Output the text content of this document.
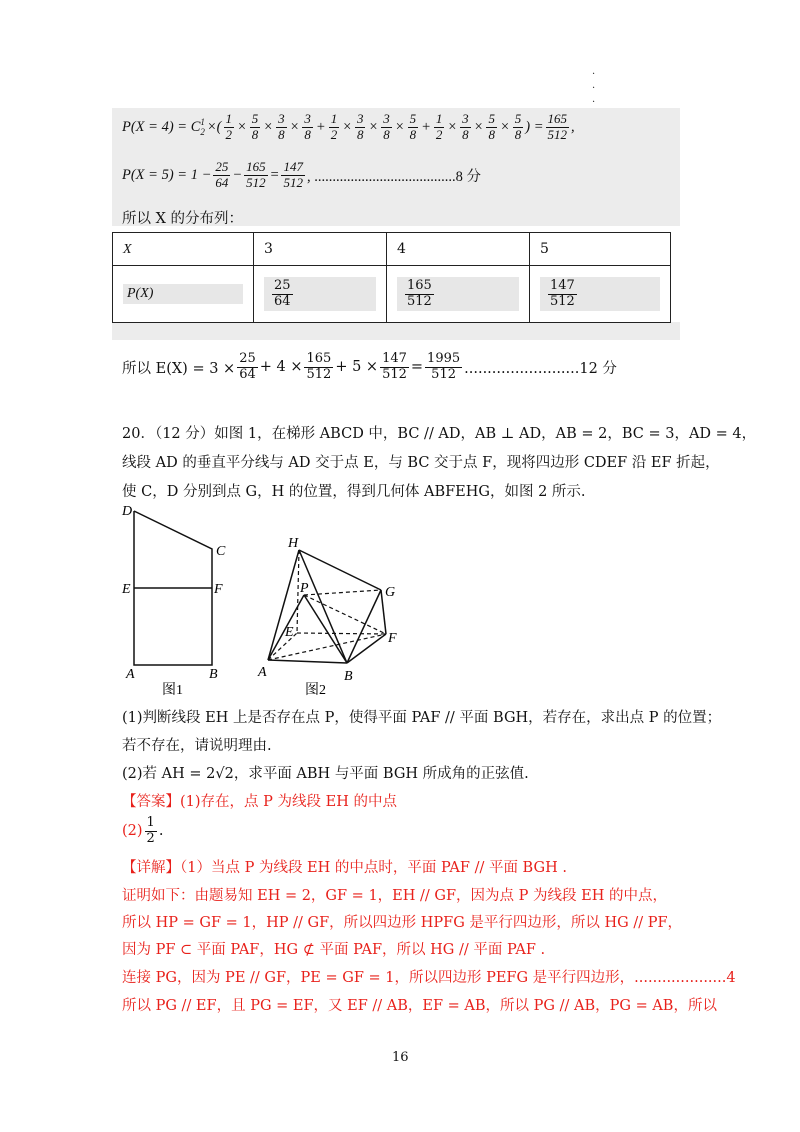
·
·
·
P(X = 4) = C 1
2 ×( $\frac{1}{2} \times \frac{5}{8} \times \frac{3}{8} \times \frac{3}{8} + \frac{1}{2} \times \frac{3}{8} \times \frac{3}{8} \times \frac{5}{8} + \frac{1}{2} \times \frac{3}{8} \times \frac{5}{8} \times \frac{5}{8}$ ) = $\frac{165}{512}$ ,
$P(X = 5) = 1 - \frac{25}{64} - \frac{165}{512} = \frac{147}{512}$ , .......................................8 分
所以 X 的分布列：
X	3	4	5
P(X)	$\frac{25}{64}$	$\frac{165}{512}$	$\frac{147}{512}$
所以 $E(X) = 3 \times \frac{25}{64} + 4 \times \frac{165}{512} + 5 \times \frac{147}{512} = \frac{1995}{512} .........................12$ 分
20．（12 分）如图 1，在梯形 ABCD 中，BC // AD，AB ⊥ AD，AB = 2，BC = 3，AD = 4，
线段 AD 的垂直平分线与 AD 交于点 E，与 BC 交于点 F，现将四边形 CDEF 沿 EF 折起，
使 C，D 分别到点 G，H 的位置，得到几何体 ABFEHG，如图 2 所示.
D
C
E	F
A	B
图1
H
P	G
E	F
A	B
图2
(1)判断线段 EH 上是否存在点 P，使得平面 PAF // 平面 BGH，若存在，求出点 P 的位置；
若不存在，请说明理由.
(2)若 AH = 2√2，求平面 ABH 与平面 BGH 所成角的正弦值.
【答案】(1)存在，点 P 为线段 EH 的中点
$(2) \frac{1}{2}$ .
【详解】（1）当点 P 为线段 EH 的中点时，平面 PAF // 平面 BGH .
证明如下：由题易知 EH = 2，GF = 1，EH // GF，因为点 P 为线段 EH 的中点，
所以 HP = GF = 1，HP // GF，所以四边形 HPFG 是平行四边形，所以 HG // PF，
因为 PF ⊂ 平面 PAF，HG ⊄ 平面 PAF，所以 HG // 平面 PAF .
连接 PG，因为 PE // GF，PE = GF = 1，所以四边形 PEFG 是平行四边形，....................4
所以 PG // EF，且 PG = EF，又 EF // AB，EF = AB，所以 PG // AB，PG = AB，所以
16
